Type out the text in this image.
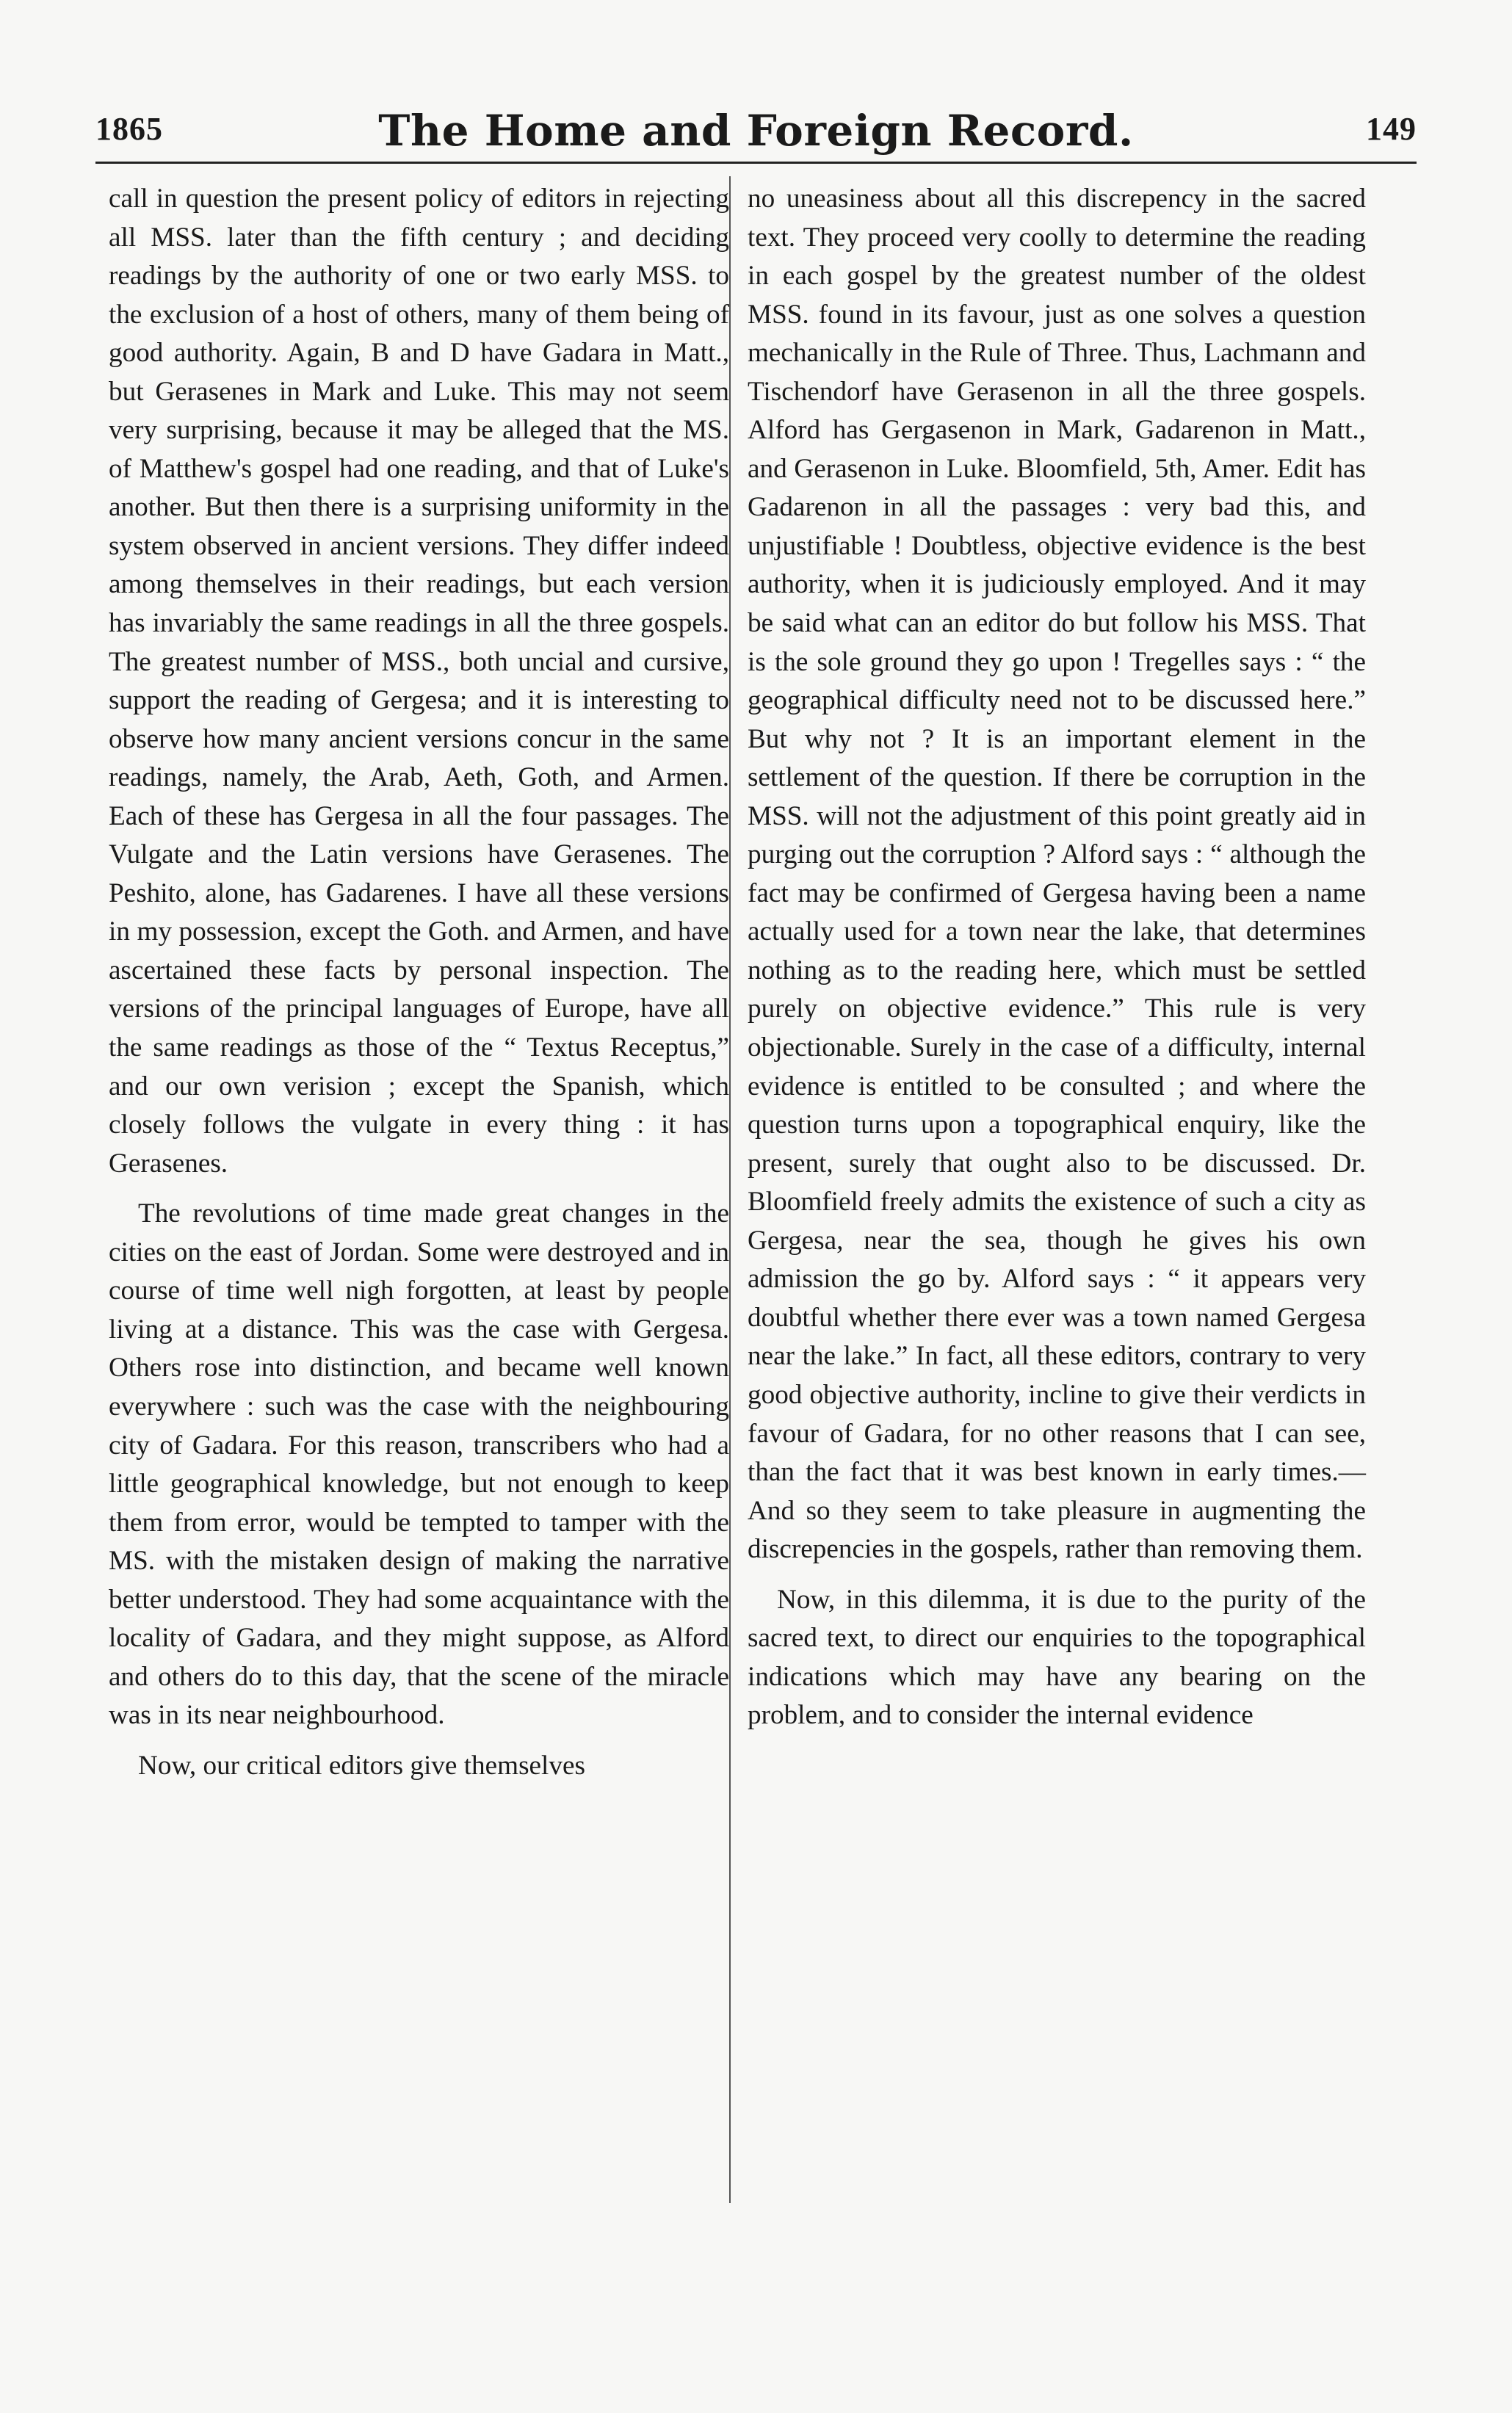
1865	The Home and Foreign Record.	149

call in question the present policy of editors in rejecting all MSS. later than the fifth century ; and deciding readings by the authority of one or two early MSS. to the exclusion of a host of others, many of them being of good authority. Again, B and D have Gadara in Matt., but Gerasenes in Mark and Luke. This may not seem very surprising, because it may be alleged that the MS. of Matthew's gospel had one reading, and that of Luke's another. But then there is a surprising uniformity in the system observed in ancient versions. They differ indeed among themselves in their readings, but each version has invariably the same readings in all the three gospels. The greatest number of MSS., both uncial and cursive, support the reading of Gergesa; and it is interesting to observe how many ancient versions concur in the same readings, namely, the Arab, Aeth, Goth, and Armen. Each of these has Gergesa in all the four passages. The Vulgate and the Latin versions have Gerasenes. The Peshito, alone, has Gadarenes. I have all these versions in my possession, except the Goth. and Armen, and have ascertained these facts by personal inspection. The versions of the principal languages of Europe, have all the same readings as those of the “ Textus Receptus,” and our own verision ; except the Spanish, which closely follows the vulgate in every thing : it has Gerasenes.

The revolutions of time made great changes in the cities on the east of Jordan. Some were destroyed and in course of time well nigh forgotten, at least by people living at a distance. This was the case with Gergesa. Others rose into distinction, and became well known everywhere : such was the case with the neighbouring city of Gadara. For this reason, transcribers who had a little geographical knowledge, but not enough to keep them from error, would be tempted to tamper with the MS. with the mistaken design of making the narrative better understood. They had some acquaintance with the locality of Gadara, and they might suppose, as Alford and others do to this day, that the scene of the miracle was in its near neighbourhood.

Now, our critical editors give themselves

no uneasiness about all this discrepency in the sacred text. They proceed very coolly to determine the reading in each gospel by the greatest number of the oldest MSS. found in its favour, just as one solves a question mechanically in the Rule of Three. Thus, Lachmann and Tischendorf have Gerasenon in all the three gospels. Alford has Gergasenon in Mark, Gadarenon in Matt., and Gerasenon in Luke. Bloomfield, 5th, Amer. Edit has Gadarenon in all the passages : very bad this, and unjustifiable ! Doubtless, objective evidence is the best authority, when it is judiciously employed. And it may be said what can an editor do but follow his MSS. That is the sole ground they go upon ! Tregelles says : “ the geographical difficulty need not to be discussed here.” But why not ? It is an important element in the settlement of the question. If there be corruption in the MSS. will not the adjustment of this point greatly aid in purging out the corruption ? Alford says : “ although the fact may be confirmed of Gergesa having been a name actually used for a town near the lake, that determines nothing as to the reading here, which must be settled purely on objective evidence.” This rule is very objectionable. Surely in the case of a difficulty, internal evidence is entitled to be consulted ; and where the question turns upon a topographical enquiry, like the present, surely that ought also to be discussed. Dr. Bloomfield freely admits the existence of such a city as Gergesa, near the sea, though he gives his own admission the go by. Alford says : “ it appears very doubtful whether there ever was a town named Gergesa near the lake.” In fact, all these editors, contrary to very good objective authority, incline to give their verdicts in favour of Gadara, for no other reasons that I can see, than the fact that it was best known in early times.—And so they seem to take pleasure in augmenting the discrepencies in the gospels, rather than removing them.

Now, in this dilemma, it is due to the purity of the sacred text, to direct our enquiries to the topographical indications which may have any bearing on the problem, and to consider the internal evidence
